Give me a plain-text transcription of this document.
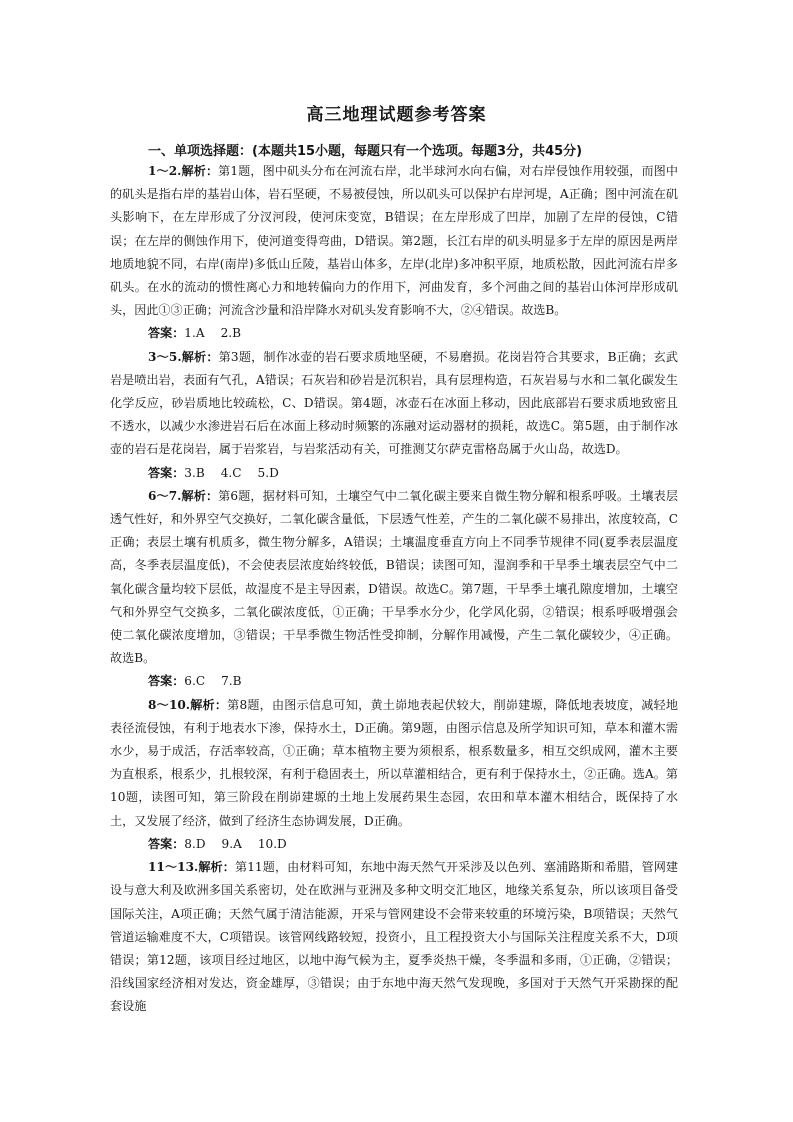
高三地理试题参考答案
一、单项选择题：(本题共15小题，每题只有一个选项。每题3分，共45分)

1～2.解析：第1题，图中矶头分布在河流右岸，北半球河水向右偏，对右岸侵蚀作用较强，而图中的矶头是指右岸的基岩山体，岩石坚硬，不易被侵蚀，所以矶头可以保护右岸河堤，A正确；图中河流在矶头影响下，在左岸形成了分汊河段，使河床变宽，B错误；在左岸形成了凹岸，加剧了左岸的侵蚀，C错误；在左岸的侧蚀作用下，使河道变得弯曲，D错误。第2题，长江右岸的矶头明显多于左岸的原因是两岸地质地貌不同，右岸(南岸)多低山丘陵，基岩山体多，左岸(北岸)多冲积平原，地质松散，因此河流右岸多矶头。在水的流动的惯性离心力和地转偏向力的作用下，河曲发育，多个河曲之间的基岩山体河岸形成矶头，因此①③正确；河流含沙量和沿岸降水对矶头发育影响不大，②④错误。故选B。

答案：1.A 2.B

3～5.解析：第3题，制作冰壶的岩石要求质地坚硬，不易磨损。花岗岩符合其要求，B正确；玄武岩是喷出岩，表面有气孔，A错误；石灰岩和砂岩是沉积岩，具有层理构造，石灰岩易与水和二氧化碳发生化学反应，砂岩质地比较疏松，C、D错误。第4题，冰壶石在冰面上移动，因此底部岩石要求质地致密且不透水，以减少水渗进岩石后在冰面上移动时频繁的冻融对运动器材的损耗，故选C。第5题，由于制作冰壶的岩石是花岗岩，属于岩浆岩，与岩浆活动有关，可推测艾尔萨克雷格岛属于火山岛，故选D。

答案：3.B 4.C 5.D

6～7.解析：第6题，据材料可知，土壤空气中二氧化碳主要来自微生物分解和根系呼吸。土壤表层透气性好，和外界空气交换好，二氧化碳含量低，下层透气性差，产生的二氧化碳不易排出，浓度较高，C正确；表层土壤有机质多，微生物分解多，A错误；土壤温度垂直方向上不同季节规律不同(夏季表层温度高，冬季表层温度低)，不会使表层浓度始终较低，B错误；读图可知，湿润季和干旱季土壤表层空气中二氧化碳含量均较下层低，故湿度不是主导因素，D错误。故选C。第7题，干旱季土壤孔隙度增加，土壤空气和外界空气交换多，二氧化碳浓度低，①正确；干旱季水分少，化学风化弱，②错误；根系呼吸增强会使二氧化碳浓度增加，③错误；干旱季微生物活性受抑制，分解作用减慢，产生二氧化碳较少，④正确。故选B。

答案：6.C 7.B

8～10.解析：第8题，由图示信息可知，黄土峁地表起伏较大，削峁建塬，降低地表坡度，减轻地表径流侵蚀，有利于地表水下渗，保持水土，D正确。第9题，由图示信息及所学知识可知，草本和灌木需水少，易于成活，存活率较高，①正确；草本植物主要为须根系，根系数量多，相互交织成网，灌木主要为直根系，根系少，扎根较深，有利于稳固表土，所以草灌相结合，更有利于保持水土，②正确。选A。第10题，读图可知，第三阶段在削峁建塬的土地上发展药果生态园，农田和草本灌木相结合，既保持了水土，又发展了经济，做到了经济生态协调发展，D正确。

答案：8.D 9.A 10.D

11～13.解析：第11题，由材料可知，东地中海天然气开采涉及以色列、塞浦路斯和希腊，管网建设与意大利及欧洲多国关系密切，处在欧洲与亚洲及多种文明交汇地区，地缘关系复杂，所以该项目备受国际关注，A项正确；天然气属于清洁能源，开采与管网建设不会带来较重的环境污染，B项错误；天然气管道运输难度不大，C项错误。该管网线路较短，投资小，且工程投资大小与国际关注程度关系不大，D项错误；第12题，该项目经过地区，以地中海气候为主，夏季炎热干燥，冬季温和多雨，①正确，②错误；沿线国家经济相对发达，资金雄厚，③错误；由于东地中海天然气发现晚，多国对于天然气开采勘探的配套设施
